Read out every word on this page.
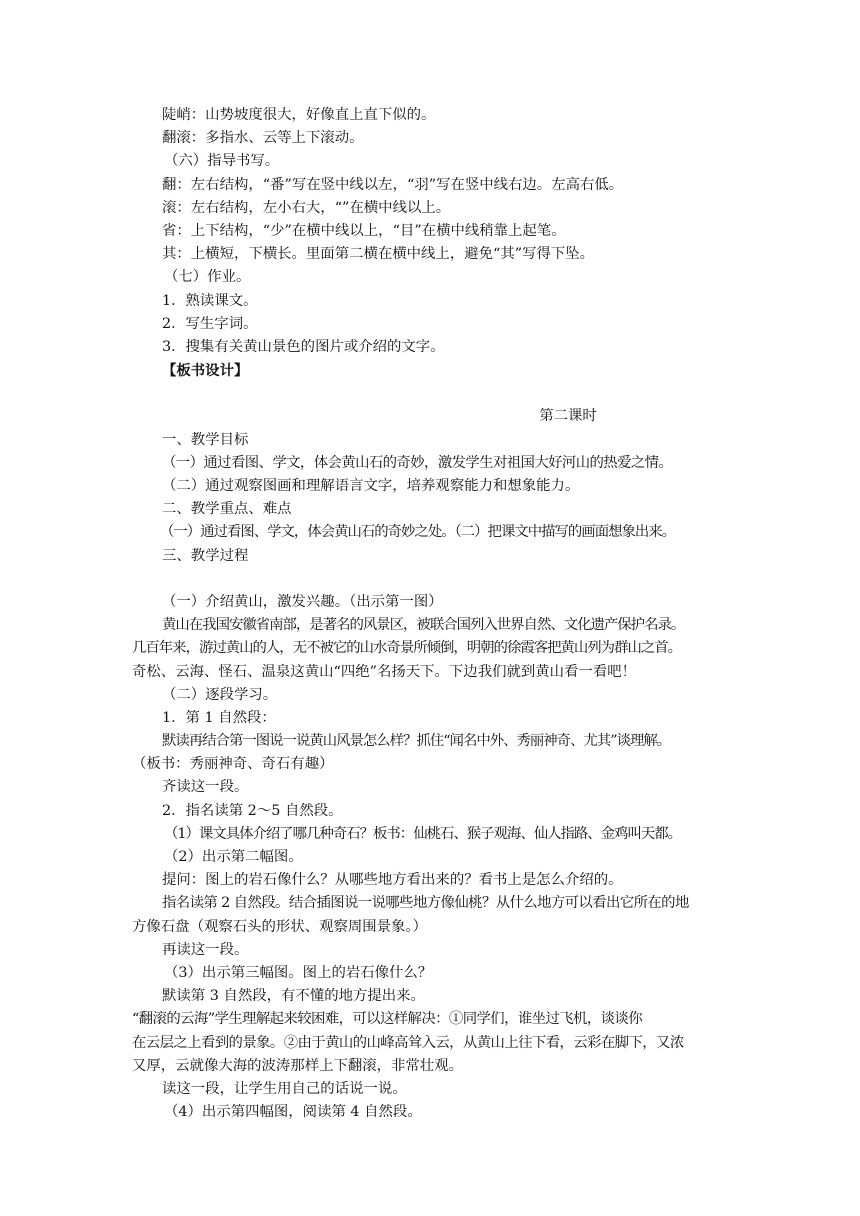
陡峭：山势坡度很大，好像直上直下似的。
翻滚：多指水、云等上下滚动。
（六）指导书写。
翻：左右结构，“番”写在竖中线以左，“羽”写在竖中线右边。左高右低。
滚：左右结构，左小右大，“”在横中线以上。
省：上下结构，“少”在横中线以上，“目”在横中线稍靠上起笔。
其：上横短，下横长。里面第二横在横中线上，避免“其”写得下坠。
（七）作业。
1．熟读课文。
2．写生字词。
3．搜集有关黄山景色的图片或介绍的文字。
【板书设计】
第二课时
一、教学目标
（一）通过看图、学文，体会黄山石的奇妙，激发学生对祖国大好河山的热爱之情。
（二）通过观察图画和理解语言文字，培养观察能力和想象能力。
二、教学重点、难点
（一）通过看图、学文，体会黄山石的奇妙之处。（二）把课文中描写的画面想象出来。
三、教学过程
（一）介绍黄山，激发兴趣。（出示第一图）
黄山在我国安徽省南部，是著名的风景区，被联合国列入世界自然、文化遗产保护名录。
几百年来，游过黄山的人，无不被它的山水奇景所倾倒，明朝的徐霞客把黄山列为群山之首。
奇松、云海、怪石、温泉这黄山“四绝”名扬天下。下边我们就到黄山看一看吧！
（二）逐段学习。
1．第 1 自然段：
默读再结合第一图说一说黄山风景怎么样？抓住“闻名中外、秀丽神奇、尤其”谈理解。
（板书：秀丽神奇、奇石有趣）
齐读这一段。
2．指名读第 2～5 自然段。
（1）课文具体介绍了哪几种奇石？板书：仙桃石、猴子观海、仙人指路、金鸡叫天都。
（2）出示第二幅图。
提问：图上的岩石像什么？从哪些地方看出来的？看书上是怎么介绍的。
指名读第 2 自然段。结合插图说一说哪些地方像仙桃？从什么地方可以看出它所在的地
方像石盘（观察石头的形状、观察周围景象。）
再读这一段。
（3）出示第三幅图。图上的岩石像什么？
默读第 3 自然段，有不懂的地方提出来。
“翻滚的云海”学生理解起来较困难，可以这样解决：①同学们，谁坐过飞机，谈谈你
在云层之上看到的景象。②由于黄山的山峰高耸入云，从黄山上往下看，云彩在脚下，又浓
又厚，云就像大海的波涛那样上下翻滚，非常壮观。
读这一段，让学生用自己的话说一说。
（4）出示第四幅图，阅读第 4 自然段。
